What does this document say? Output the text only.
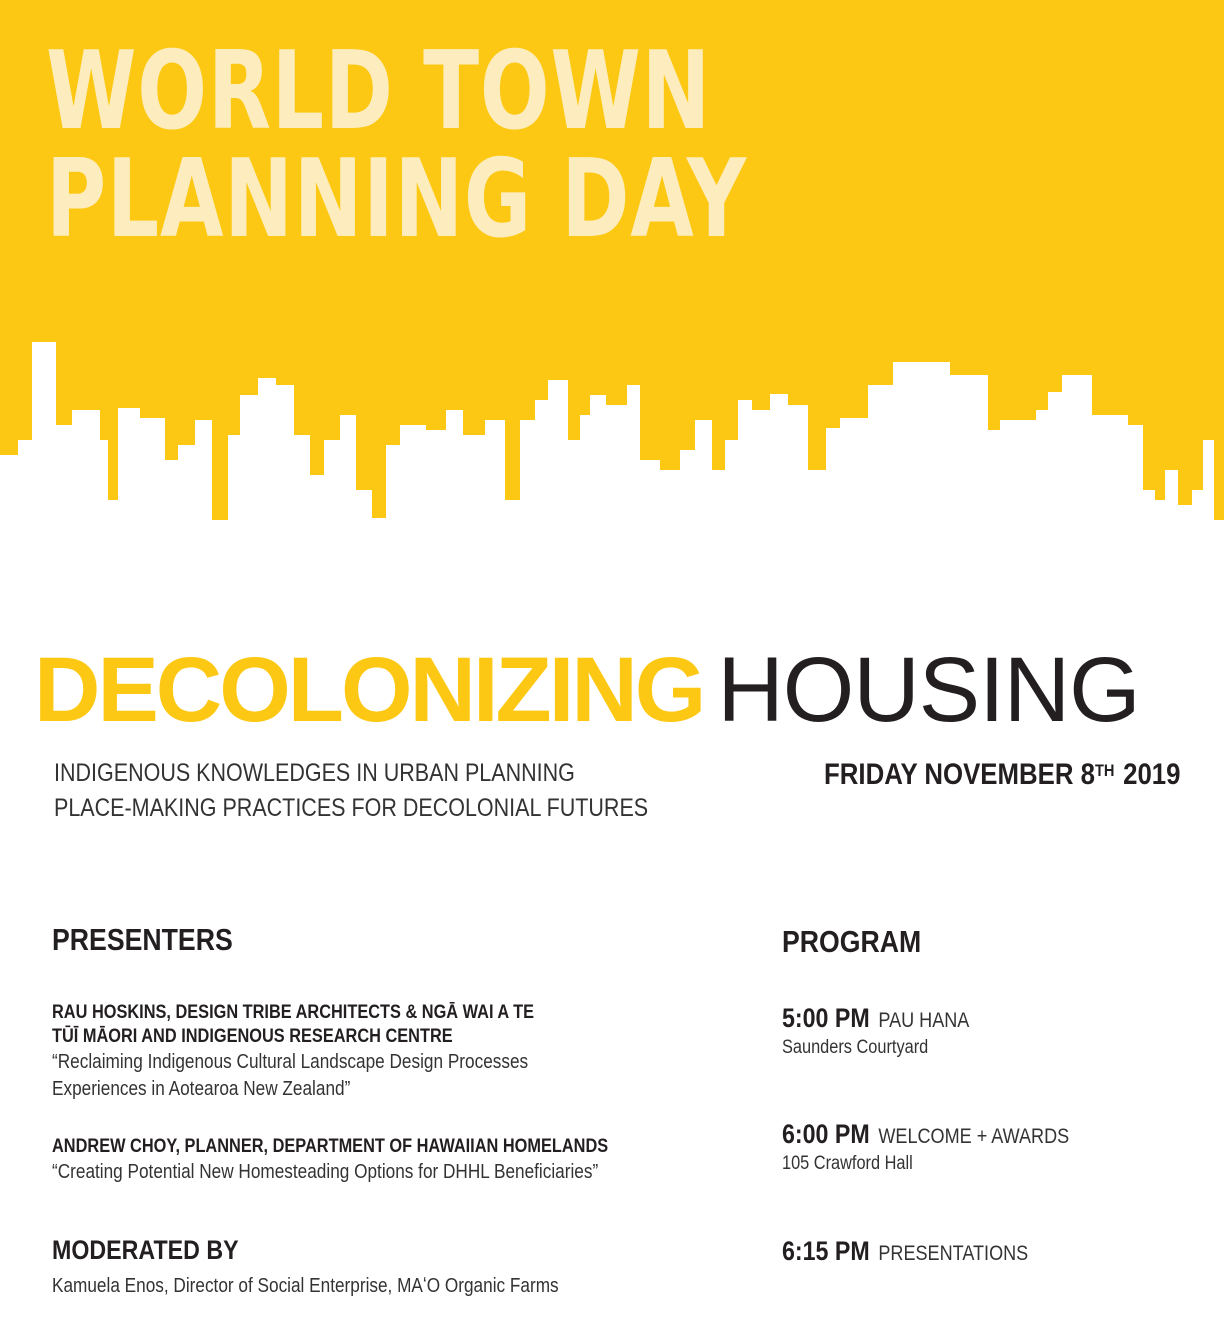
WORLD TOWN
PLANNING DAY
DECOLONIZING HOUSING
INDIGENOUS KNOWLEDGES IN URBAN PLANNING
PLACE-MAKING PRACTICES FOR DECOLONIAL FUTURES
FRIDAY NOVEMBER 8TH 2019
PRESENTERS
RAU HOSKINS, DESIGN TRIBE ARCHITECTS & NGĀ WAI A TE
TŪĪ MĀORI AND INDIGENOUS RESEARCH CENTRE
“Reclaiming Indigenous Cultural Landscape Design Processes
Experiences in Aotearoa New Zealand”
ANDREW CHOY, PLANNER, DEPARTMENT OF HAWAIIAN HOMELANDS
“Creating Potential New Homesteading Options for DHHL Beneficiaries”
MODERATED BY
Kamuela Enos, Director of Social Enterprise, MAʻO Organic Farms
PROGRAM
5:00 PM PAU HANA
Saunders Courtyard
6:00 PM WELCOME + AWARDS
105 Crawford Hall
6:15 PM PRESENTATIONS
